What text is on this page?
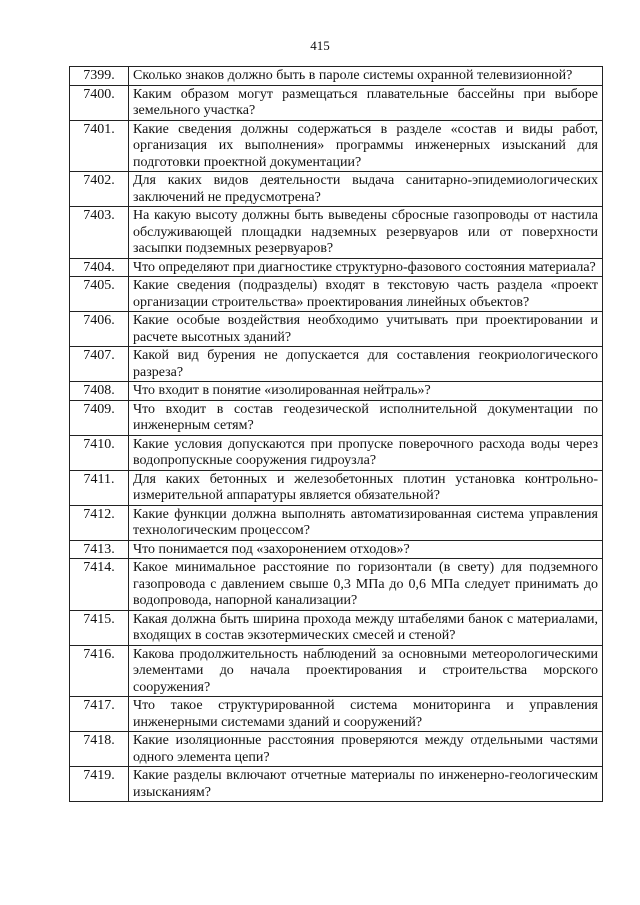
415
7399.	Сколько знаков должно быть в пароле системы охранной телевизионной?
7400.	Каким образом могут размещаться плавательные бассейны при выборе земельного участка?
7401.	Какие сведения должны содержаться в разделе «состав и виды работ, организация их выполнения» программы инженерных изысканий для подготовки проектной документации?
7402.	Для каких видов деятельности выдача санитарно-эпидемиологических заключений не предусмотрена?
7403.	На какую высоту должны быть выведены сбросные газопроводы от настила обслуживающей площадки надземных резервуаров или от поверхности засыпки подземных резервуаров?
7404.	Что определяют при диагностике структурно-фазового состояния материала?
7405.	Какие сведения (подразделы) входят в текстовую часть раздела «проект организации строительства» проектирования линейных объектов?
7406.	Какие особые воздействия необходимо учитывать при проектировании и расчете высотных зданий?
7407.	Какой вид бурения не допускается для составления геокриологического разреза?
7408.	Что входит в понятие «изолированная нейтраль»?
7409.	Что входит в состав геодезической исполнительной документации по инженерным сетям?
7410.	Какие условия допускаются при пропуске поверочного расхода воды через водопропускные сооружения гидроузла?
7411.	Для каких бетонных и железобетонных плотин установка контрольно-измерительной аппаратуры является обязательной?
7412.	Какие функции должна выполнять автоматизированная система управления технологическим процессом?
7413.	Что понимается под «захоронением отходов»?
7414.	Какое минимальное расстояние по горизонтали (в свету) для подземного газопровода с давлением свыше 0,3 МПа до 0,6 МПа следует принимать до водопровода, напорной канализации?
7415.	Какая должна быть ширина прохода между штабелями банок с материалами, входящих в состав экзотермических смесей и стеной?
7416.	Какова продолжительность наблюдений за основными метеорологическими элементами до начала проектирования и строительства морского сооружения?
7417.	Что такое структурированной система мониторинга и управления инженерными системами зданий и сооружений?
7418.	Какие изоляционные расстояния проверяются между отдельными частями одного элемента цепи?
7419.	Какие разделы включают отчетные материалы по инженерно-геологическим изысканиям?
